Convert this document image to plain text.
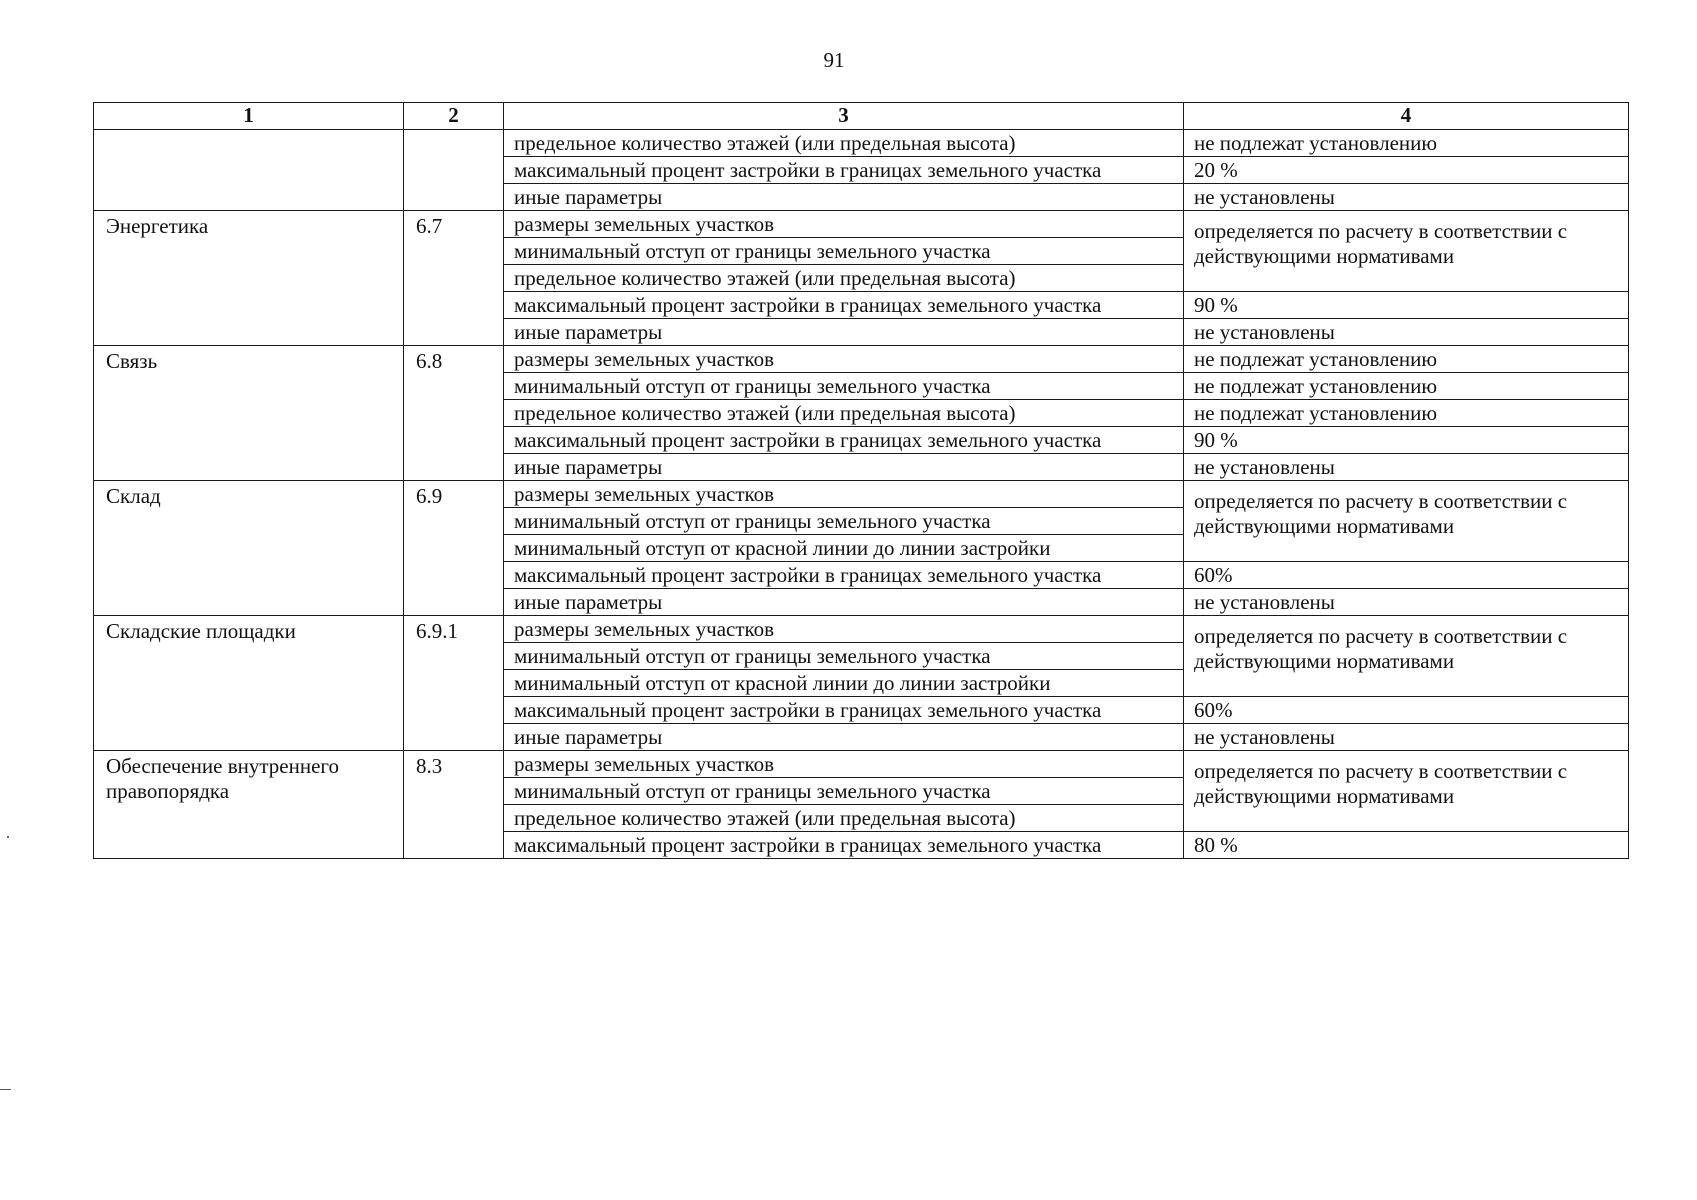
91
1	2	3	4
		предельное количество этажей (или предельная высота)	не подлежат установлению
		максимальный процент застройки в границах земельного участка	20 %
		иные параметры	не установлены
Энергетика	6.7	размеры земельных участков	определяется по расчету в соответствии с действующими нормативами
		минимальный отступ от границы земельного участка	
		предельное количество этажей (или предельная высота)	
		максимальный процент застройки в границах земельного участка	90 %
		иные параметры	не установлены
Связь	6.8	размеры земельных участков	не подлежат установлению
		минимальный отступ от границы земельного участка	не подлежат установлению
		предельное количество этажей (или предельная высота)	не подлежат установлению
		максимальный процент застройки в границах земельного участка	90 %
		иные параметры	не установлены
Склад	6.9	размеры земельных участков	определяется по расчету в соответствии с действующими нормативами
		минимальный отступ от границы земельного участка	
		минимальный отступ от красной линии до линии застройки	
		максимальный процент застройки в границах земельного участка	60%
		иные параметры	не установлены
Складские площадки	6.9.1	размеры земельных участков	определяется по расчету в соответствии с действующими нормативами
		минимальный отступ от границы земельного участка	
		минимальный отступ от красной линии до линии застройки	
		максимальный процент застройки в границах земельного участка	60%
		иные параметры	не установлены
Обеспечение внутреннего правопорядка	8.3	размеры земельных участков	определяется по расчету в соответствии с действующими нормативами
		минимальный отступ от границы земельного участка	
		предельное количество этажей (или предельная высота)	
		максимальный процент застройки в границах земельного участка	80 %
